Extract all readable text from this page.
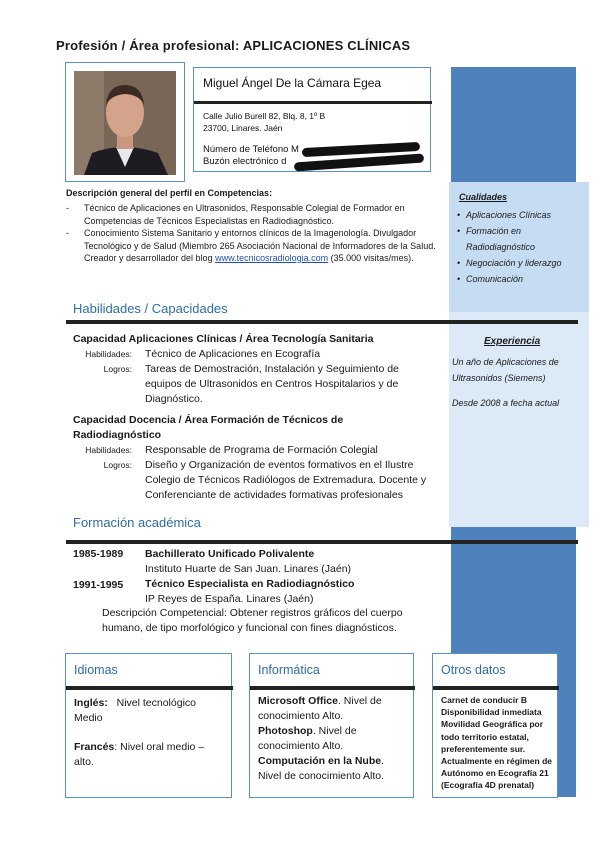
Profesión / Área profesional: APLICACIONES CLÍNICAS
Miguel Ángel De la Cámara Egea
Calle Julio Burell 82, Blq. 8, 1º B
23700, Linares. Jaén
Número de Teléfono M
Buzón electrónico d
Descripción general del perfil en Competencias:
- Técnico de Aplicaciones en Ultrasonidos, Responsable Colegial de Formador en Competencias de Técnicos Especialistas en Radiodiagnóstico.
- Conocimiento Sistema Sanitario y entornos clínicos de la Imagenología. Divulgador Tecnológico y de Salud (Miembro 265 Asociación Nacional de Informadores de la Salud. Creador y desarrollador del blog www.tecnicosradiologia.com (35.000 visitas/mes).
Cualidades
• Aplicaciones Clínicas
• Formación en
Radiodiagnóstico
• Negociación y liderazgo
• Comunicación
Experiencia
Un año de Aplicaciones de Ultrasonidos (Siemens)
Desde 2008 a fecha actual
Habilidades / Capacidades
Capacidad Aplicaciones Clínicas / Área Tecnología Sanitaria
Habilidades: Técnico de Aplicaciones en Ecografía
Logros: Tareas de Demostración, Instalación y Seguimiento de equipos de Ultrasonidos en Centros Hospitalarios y de Diagnóstico.
Capacidad Docencia / Área Formación de Técnicos de Radiodiagnóstico
Habilidades: Responsable de Programa de Formación Colegial
Logros: Diseño y Organización de eventos formativos en el Ilustre Colegio de Técnicos Radiólogos de Extremadura. Docente y Conferenciante de actividades formativas profesionales
Formación académica
1985-1989 Bachillerato Unificado Polivalente
Instituto Huarte de San Juan. Linares (Jaén)
1991-1995 Técnico Especialista en Radiodiagnóstico
IP Reyes de España. Linares (Jaén)
Descripción Competencial: Obtener registros gráficos del cuerpo humano, de tipo morfológico y funcional con fines diagnósticos.
Idiomas
Inglés: Nivel tecnológico Medio
Francés: Nivel oral medio – alto.
Informática
Microsoft Office. Nivel de conocimiento Alto.
Photoshop. Nivel de conocimiento Alto.
Computación en la Nube. Nivel de conocimiento Alto.
Otros datos
Carnet de conducir B Disponibilidad inmediata Movilidad Geográfica por todo territorio estatal, preferentemente sur. Actualmente en régimen de Autónomo en Ecografía 21 (Ecografía 4D prenatal)
